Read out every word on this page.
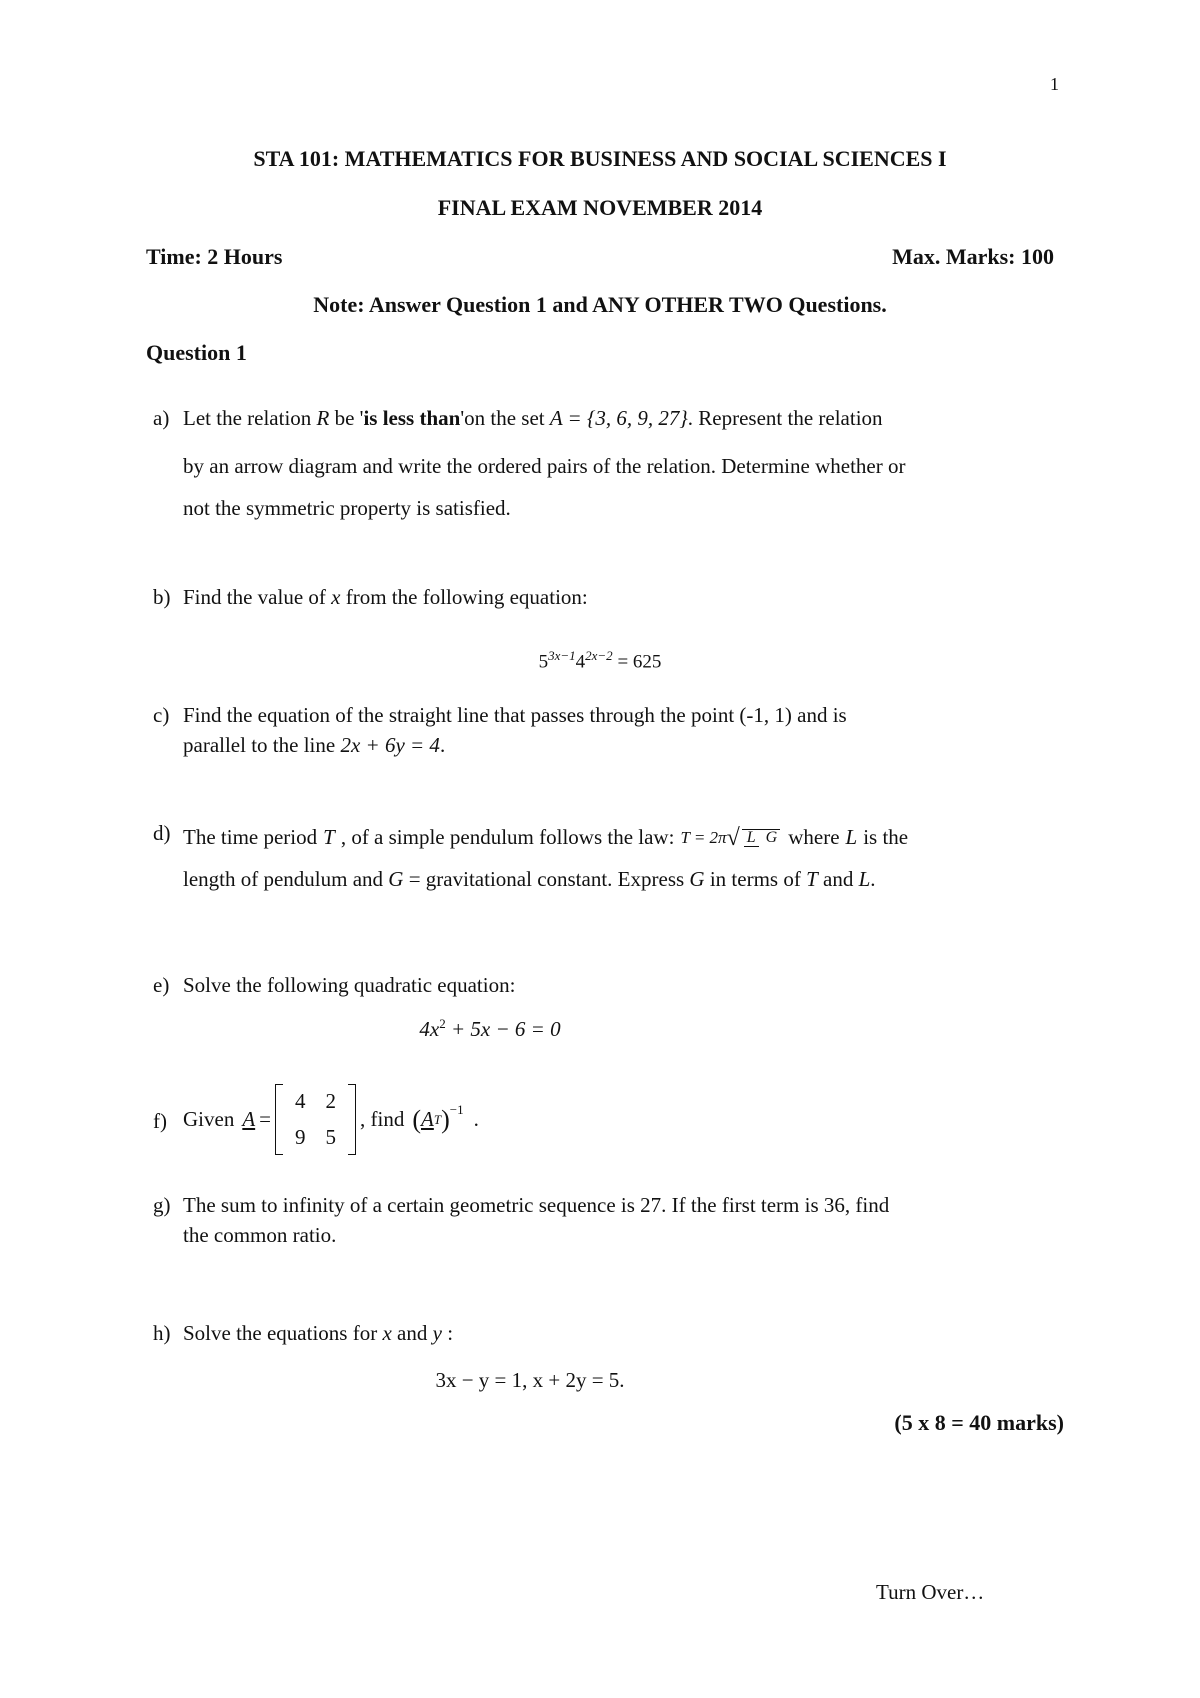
1
STA 101: MATHEMATICS FOR BUSINESS AND SOCIAL SCIENCES I
FINAL EXAM NOVEMBER 2014
Time: 2 Hours	Max. Marks: 100
Note: Answer Question 1 and ANY OTHER TWO Questions.
Question 1
a) Let the relation R be 'is less than'on the set A = {3, 6, 9, 27}. Represent the relation
by an arrow diagram and write the ordered pairs of the relation. Determine whether or
not the symmetric property is satisfied.
b) Find the value of x from the following equation:
$5^{3x-1}4^{2x-2} = 625$
c) Find the equation of the straight line that passes through the point (-1, 1) and is
parallel to the line 2x + 6y = 4.
d) The time period T , of a simple pendulum follows the law: T = 2π √ L G where L is the
length of pendulum and G = gravitational constant. Express G in terms of T and L.
e) Solve the following quadratic equation:
$4x^2 + 5x - 6 = 0$
f) Given A =
4	2
9	5
, find ( A T )$^{-1}$ .
g) The sum to infinity of a certain geometric sequence is 27. If the first term is 36, find
the common ratio.
h) Solve the equations for x and y :
3x − y = 1, x + 2y = 5.
(5 x 8 = 40 marks)
Turn Over…
